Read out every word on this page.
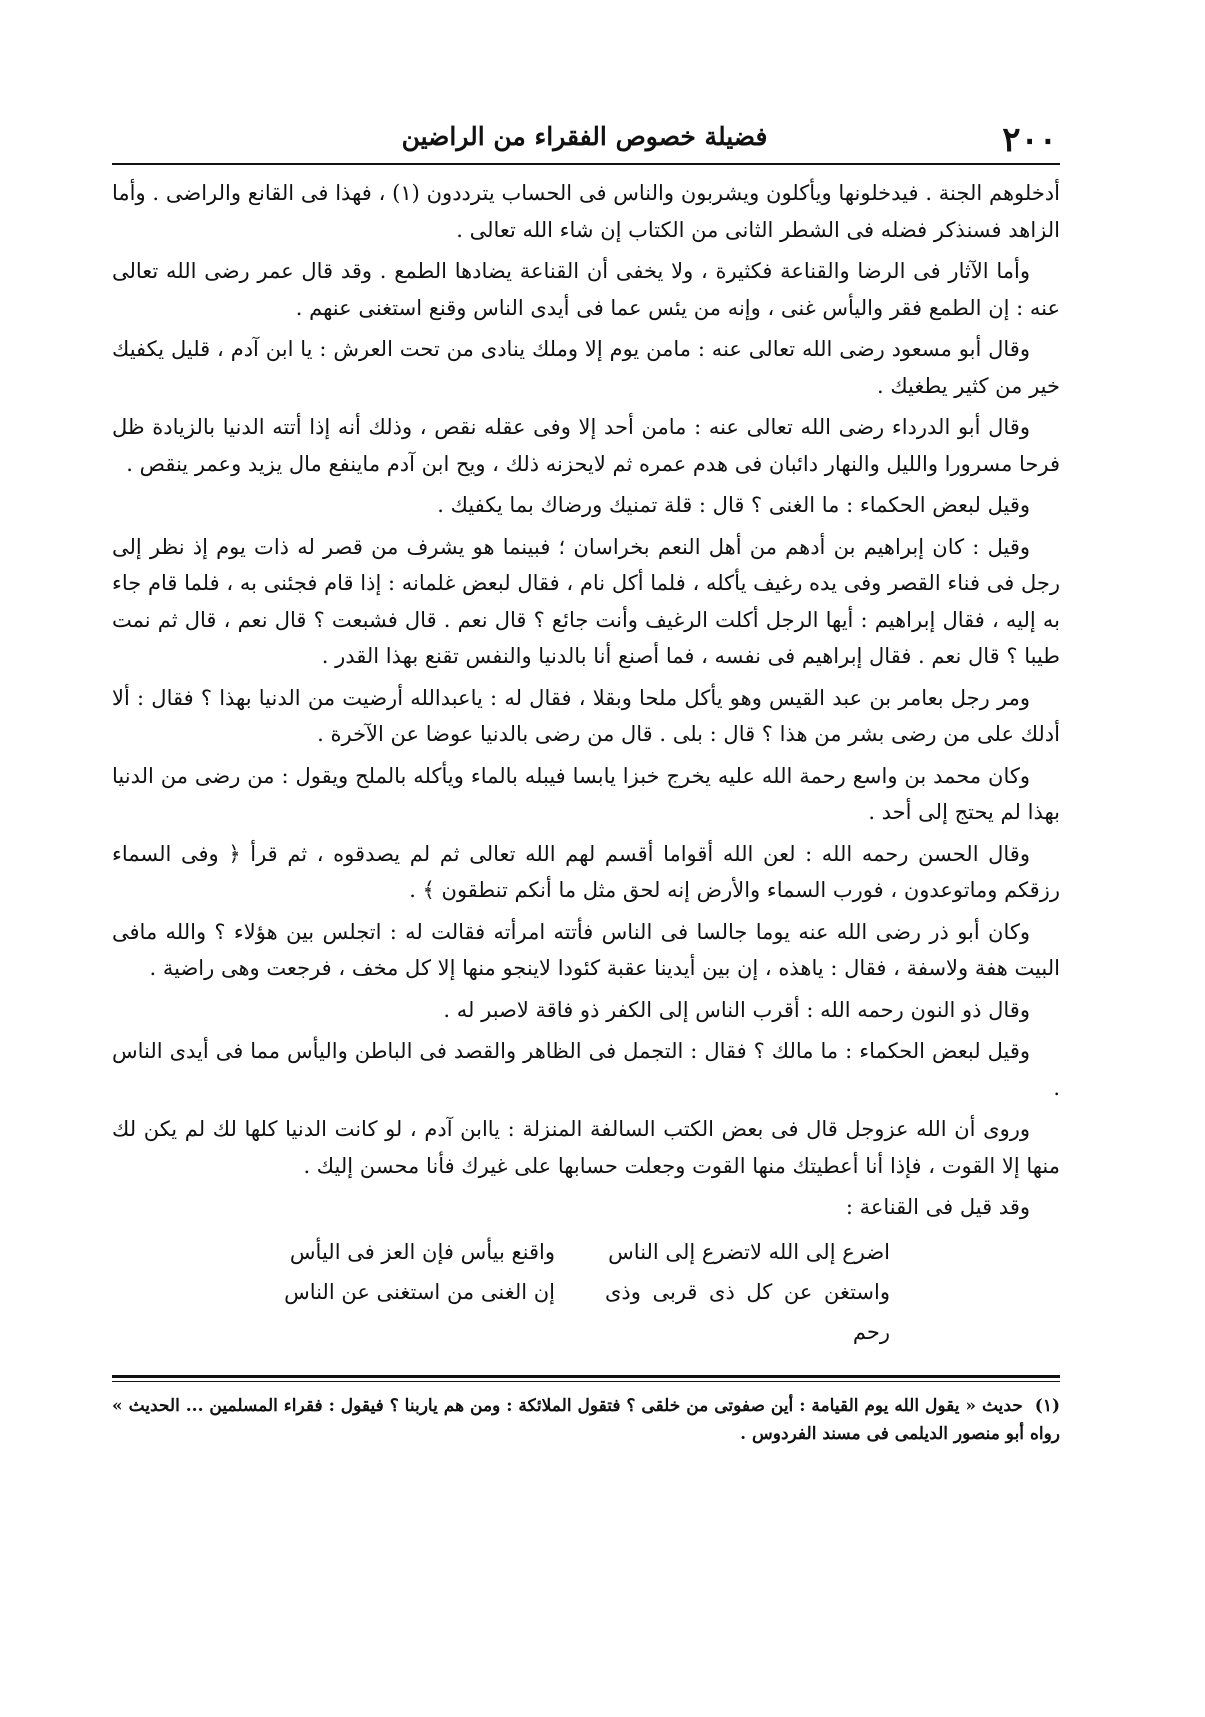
٢٠٠
فضيلة خصوص الفقراء من الراضين

أدخلوهم الجنة . فيدخلونها ويأكلون ويشربون والناس فى الحساب يترددون (١) ، فهذا فى القانع والراضى . وأما الزاهد فسنذكر فضله فى الشطر الثانى من الكتاب إن شاء الله تعالى .

وأما الآثار فى الرضا والقناعة فكثيرة ، ولا يخفى أن القناعة يضادها الطمع . وقد قال عمر رضى الله تعالى عنه : إن الطمع فقر واليأس غنى ، وإنه من يئس عما فى أيدى الناس وقنع استغنى عنهم .

وقال أبو مسعود رضى الله تعالى عنه : مامن يوم إلا وملك ينادى من تحت العرش : يا ابن آدم ، قليل يكفيك خير من كثير يطغيك .

وقال أبو الدرداء رضى الله تعالى عنه : مامن أحد إلا وفى عقله نقص ، وذلك أنه إذا أتته الدنيا بالزيادة ظل فرحا مسرورا والليل والنهار دائبان فى هدم عمره ثم لايحزنه ذلك ، ويح ابن آدم ماينفع مال يزيد وعمر ينقص .

وقيل لبعض الحكماء : ما الغنى ؟ قال : قلة تمنيك ورضاك بما يكفيك .

وقيل : كان إبراهيم بن أدهم من أهل النعم بخراسان ؛ فبينما هو يشرف من قصر له ذات يوم إذ نظر إلى رجل فى فناء القصر وفى يده رغيف يأكله ، فلما أكل نام ، فقال لبعض غلمانه : إذا قام فجئنى به ، فلما قام جاء به إليه ، فقال إبراهيم : أيها الرجل أكلت الرغيف وأنت جائع ؟ قال نعم . قال فشبعت ؟ قال نعم ، قال ثم نمت طيبا ؟ قال نعم . فقال إبراهيم فى نفسه ، فما أصنع أنا بالدنيا والنفس تقنع بهذا القدر .

ومر رجل بعامر بن عبد القيس وهو يأكل ملحا وبقلا ، فقال له : ياعبدالله أرضيت من الدنيا بهذا ؟ فقال : ألا أدلك على من رضى بشر من هذا ؟ قال : بلى . قال من رضى بالدنيا عوضا عن الآخرة .

وكان محمد بن واسع رحمة الله عليه يخرج خبزا يابسا فيبله بالماء ويأكله بالملح ويقول : من رضى من الدنيا بهذا لم يحتج إلى أحد .

وقال الحسن رحمه الله : لعن الله أقواما أقسم لهم الله تعالى ثم لم يصدقوه ، ثم قرأ ﴿ وفى السماء رزقكم وماتوعدون ، فورب السماء والأرض إنه لحق مثل ما أنكم تنطقون ﴾ .

وكان أبو ذر رضى الله عنه يوما جالسا فى الناس فأتته امرأته فقالت له : اتجلس بين هؤلاء ؟ والله مافى البيت هفة ولاسفة ، فقال : ياهذه ، إن بين أيدينا عقبة كئودا لاينجو منها إلا كل مخف ، فرجعت وهى راضية .

وقال ذو النون رحمه الله : أقرب الناس إلى الكفر ذو فاقة لاصبر له .

وقيل لبعض الحكماء : ما مالك ؟ فقال : التجمل فى الظاهر والقصد فى الباطن واليأس مما فى أيدى الناس .

وروى أن الله عزوجل قال فى بعض الكتب السالفة المنزلة : ياابن آدم ، لو كانت الدنيا كلها لك لم يكن لك منها إلا القوت ، فإذا أنا أعطيتك منها القوت وجعلت حسابها على غيرك فأنا محسن إليك .

وقد قيل فى القناعة :

اضرع إلى الله لاتضرع إلى الناس
واقنع بيأس فإن العز فى اليأس
واستغن عن كل ذى قربى وذى رحم
إن الغنى من استغنى عن الناس
(١) حديث « يقول الله يوم القيامة : أين صفوتى من خلقى ؟ فتقول الملائكة : ومن هم ياربنا ؟ فيقول : فقراء المسلمين ... الحديث » رواه أبو منصور الديلمى فى مسند الفردوس .
